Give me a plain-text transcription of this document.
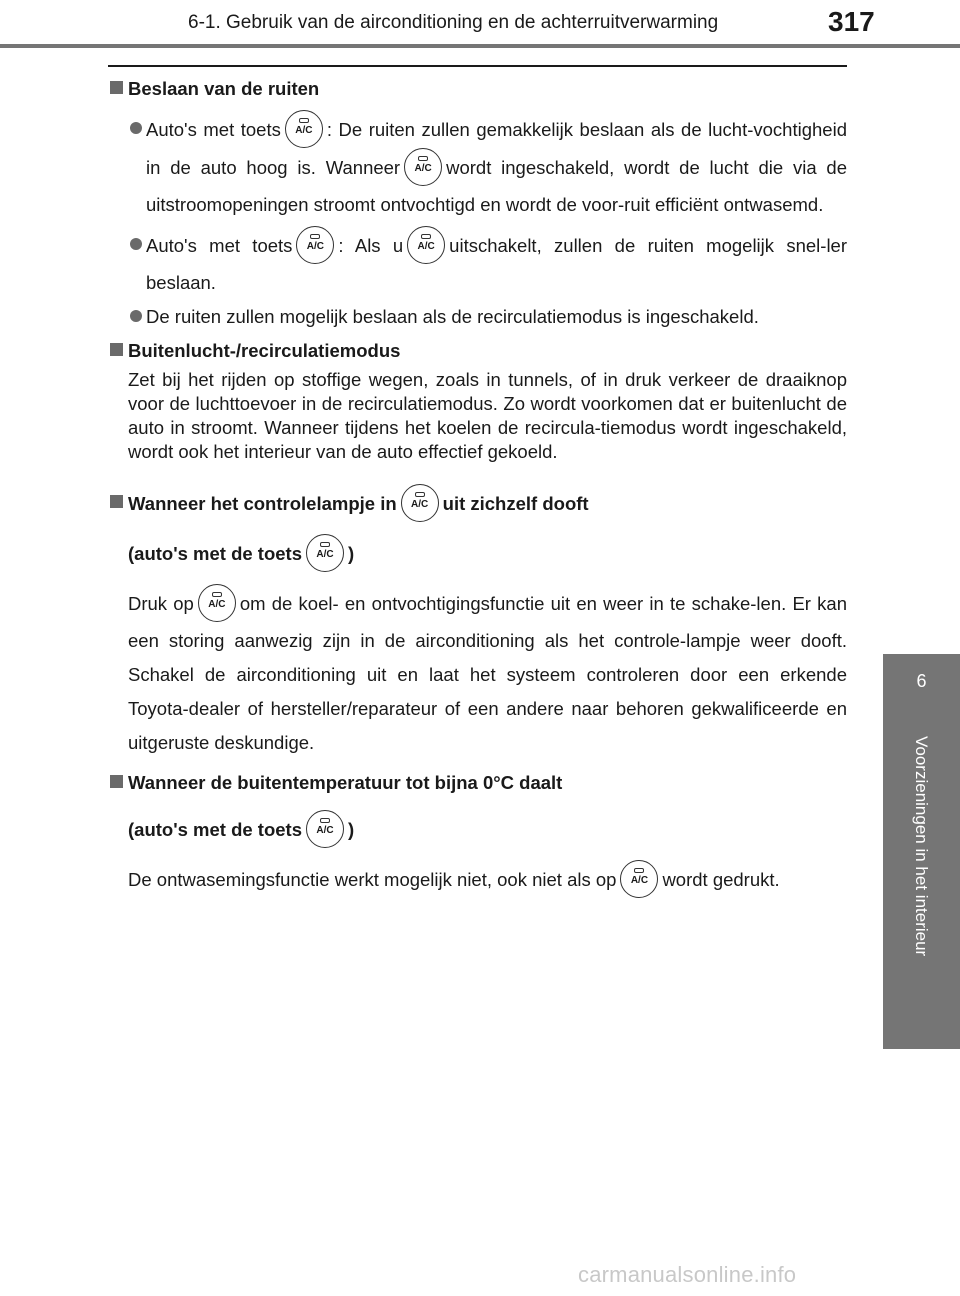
6-1. Gebruik van de airconditioning en de achterruitverwarming	317
6
Voorzieningen in het interieur

Beslaan van de ruiten

Auto's met toets	A/C : De ruiten zullen gemakkelijk beslaan als de lucht-vochtigheid in de auto hoog is. Wanneer	A/C wordt ingeschakeld, wordt de lucht die via de uitstroomopeningen stroomt ontvochtigd en wordt de voor-ruit efficiënt ontwasemd.

Auto's met toets	A/C : Als u	A/C uitschakelt, zullen de ruiten mogelijk snel-ler beslaan.

De ruiten zullen mogelijk beslaan als de recirculatiemodus is ingeschakeld.

Buitenlucht-/recirculatiemodus

Zet bij het rijden op stoffige wegen, zoals in tunnels, of in druk verkeer de draaiknop voor de luchttoevoer in de recirculatiemodus. Zo wordt voorkomen dat er buitenlucht de auto in stroomt. Wanneer tijdens het koelen de recircula-tiemodus wordt ingeschakeld, wordt ook het interieur van de auto effectief gekoeld.

Wanneer het controlelampje in	A/C uit zichzelf dooft

(auto's met de toets	A/C )

Druk op	A/C om de koel- en ontvochtigingsfunctie uit en weer in te schake-len. Er kan een storing aanwezig zijn in de airconditioning als het controle-lampje weer dooft. Schakel de airconditioning uit en laat het systeem controleren door een erkende Toyota-dealer of hersteller/reparateur of een andere naar behoren gekwalificeerde en uitgeruste deskundige.

Wanneer de buitentemperatuur tot bijna 0°C daalt

(auto's met de toets	A/C )

De ontwasemingsfunctie werkt mogelijk niet, ook niet als op	A/C wordt gedrukt.

carmanualsonline.info
